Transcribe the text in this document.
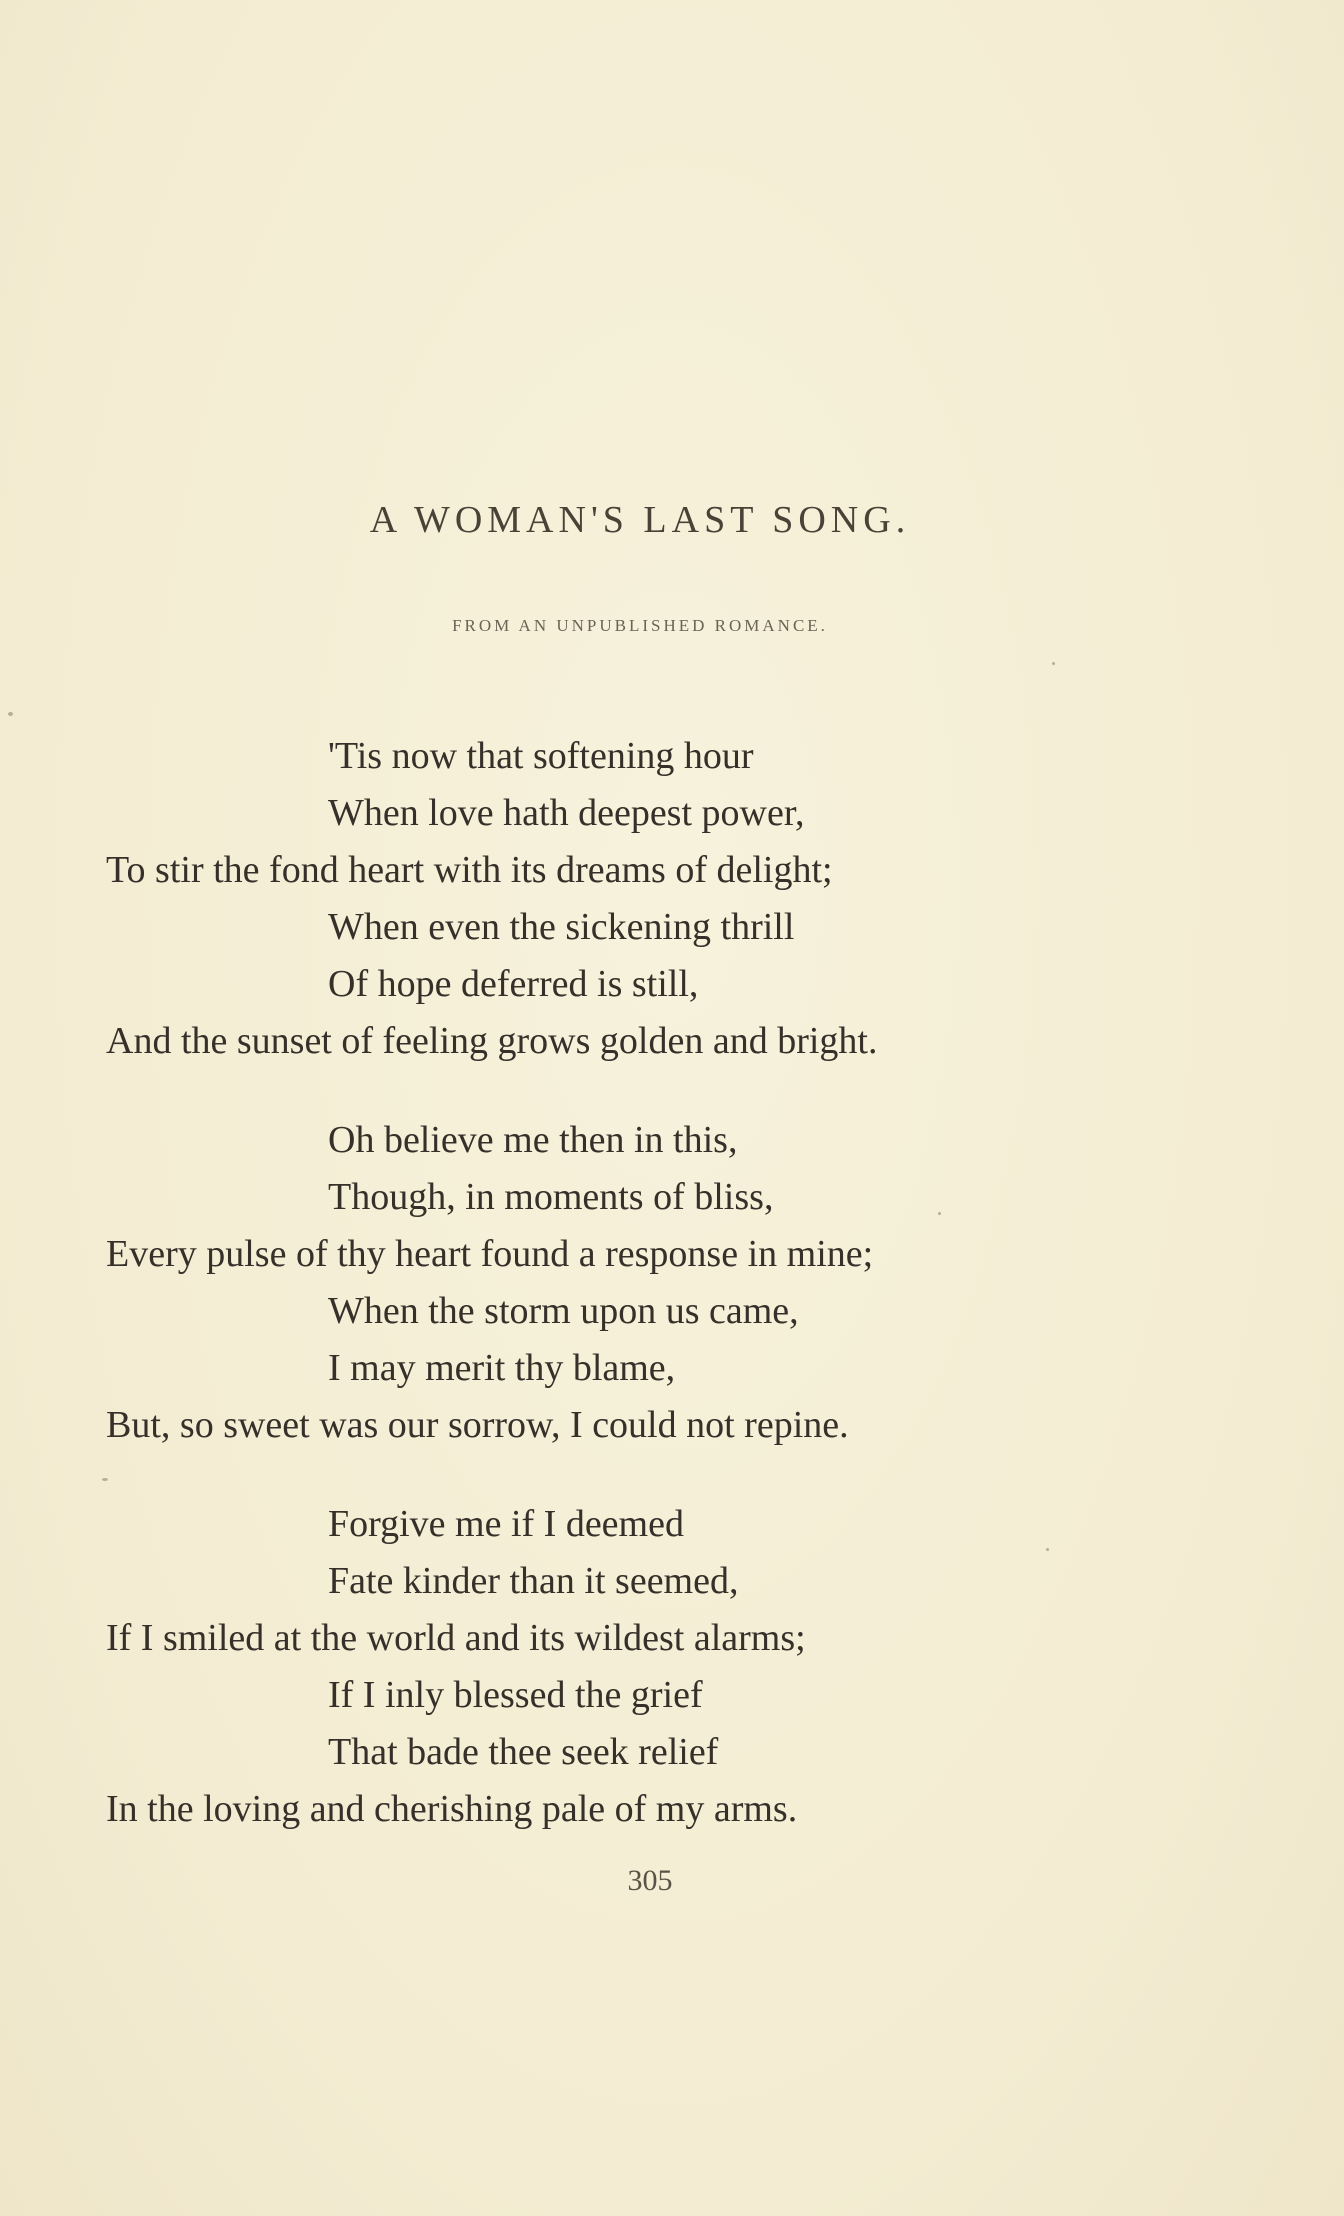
A WOMAN'S LAST SONG.
FROM AN UNPUBLISHED ROMANCE.
'Tis now that softening hour
When love hath deepest power,
To stir the fond heart with its dreams of delight;
When even the sickening thrill
Of hope deferred is still,
And the sunset of feeling grows golden and bright.
Oh believe me then in this,
Though, in moments of bliss,
Every pulse of thy heart found a response in mine;
When the storm upon us came,
I may merit thy blame,
But, so sweet was our sorrow, I could not repine.
Forgive me if I deemed
Fate kinder than it seemed,
If I smiled at the world and its wildest alarms;
If I inly blessed the grief
That bade thee seek relief
In the loving and cherishing pale of my arms.
305
